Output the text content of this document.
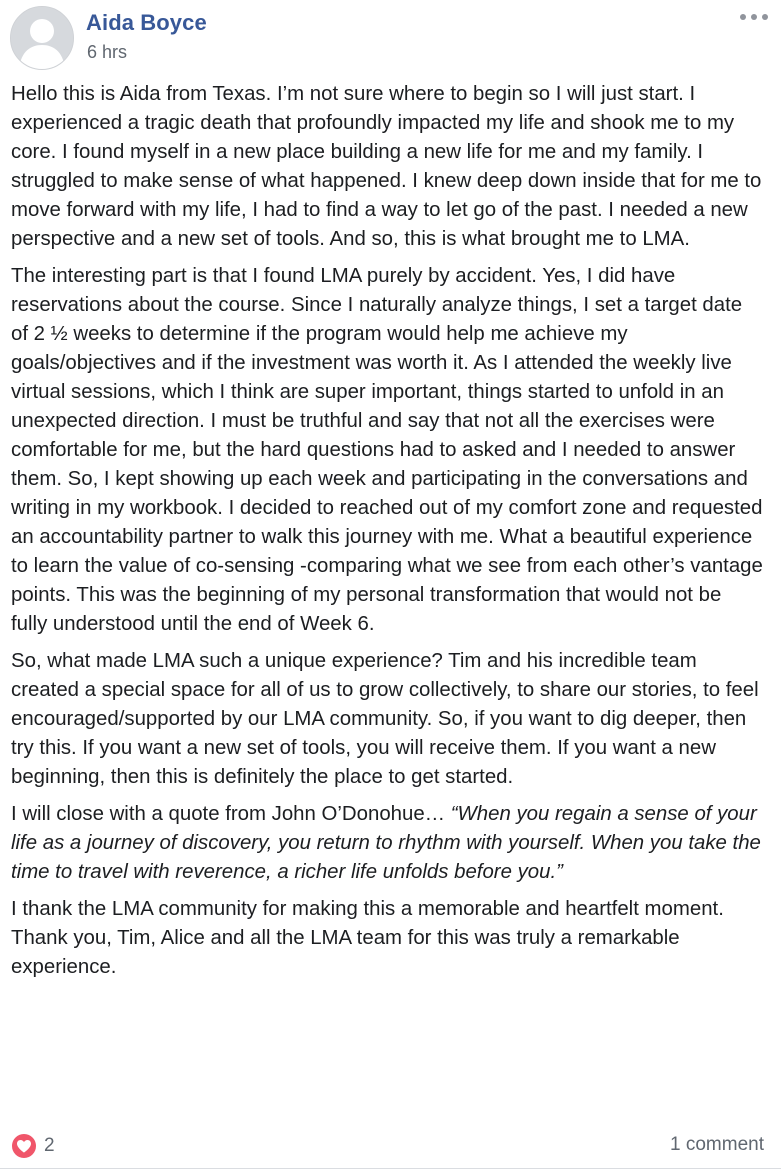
Aida Boyce
6 hrs

Hello this is Aida from Texas. I’m not sure where to begin so I will just start. I experienced a tragic death that profoundly impacted my life and shook me to my core. I found myself in a new place building a new life for me and my family. I struggled to make sense of what happened. I knew deep down inside that for me to move forward with my life, I had to find a way to let go of the past. I needed a new perspective and a new set of tools. And so, this is what brought me to LMA.

The interesting part is that I found LMA purely by accident. Yes, I did have reservations about the course. Since I naturally analyze things, I set a target date of 2 ½ weeks to determine if the program would help me achieve my goals/objectives and if the investment was worth it. As I attended the weekly live virtual sessions, which I think are super important, things started to unfold in an unexpected direction. I must be truthful and say that not all the exercises were comfortable for me, but the hard questions had to asked and I needed to answer them. So, I kept showing up each week and participating in the conversations and writing in my workbook. I decided to reached out of my comfort zone and requested an accountability partner to walk this journey with me. What a beautiful experience to learn the value of co-sensing -comparing what we see from each other’s vantage points. This was the beginning of my personal transformation that would not be fully understood until the end of Week 6.

So, what made LMA such a unique experience? Tim and his incredible team created a special space for all of us to grow collectively, to share our stories, to feel encouraged/supported by our LMA community. So, if you want to dig deeper, then try this. If you want a new set of tools, you will receive them. If you want a new beginning, then this is definitely the place to get started.

I will close with a quote from John O’Donohue… “When you regain a sense of your life as a journey of discovery, you return to rhythm with yourself. When you take the time to travel with reverence, a richer life unfolds before you.”

I thank the LMA community for making this a memorable and heartfelt moment. Thank you, Tim, Alice and all the LMA team for this was truly a remarkable experience.

2	1 comment
